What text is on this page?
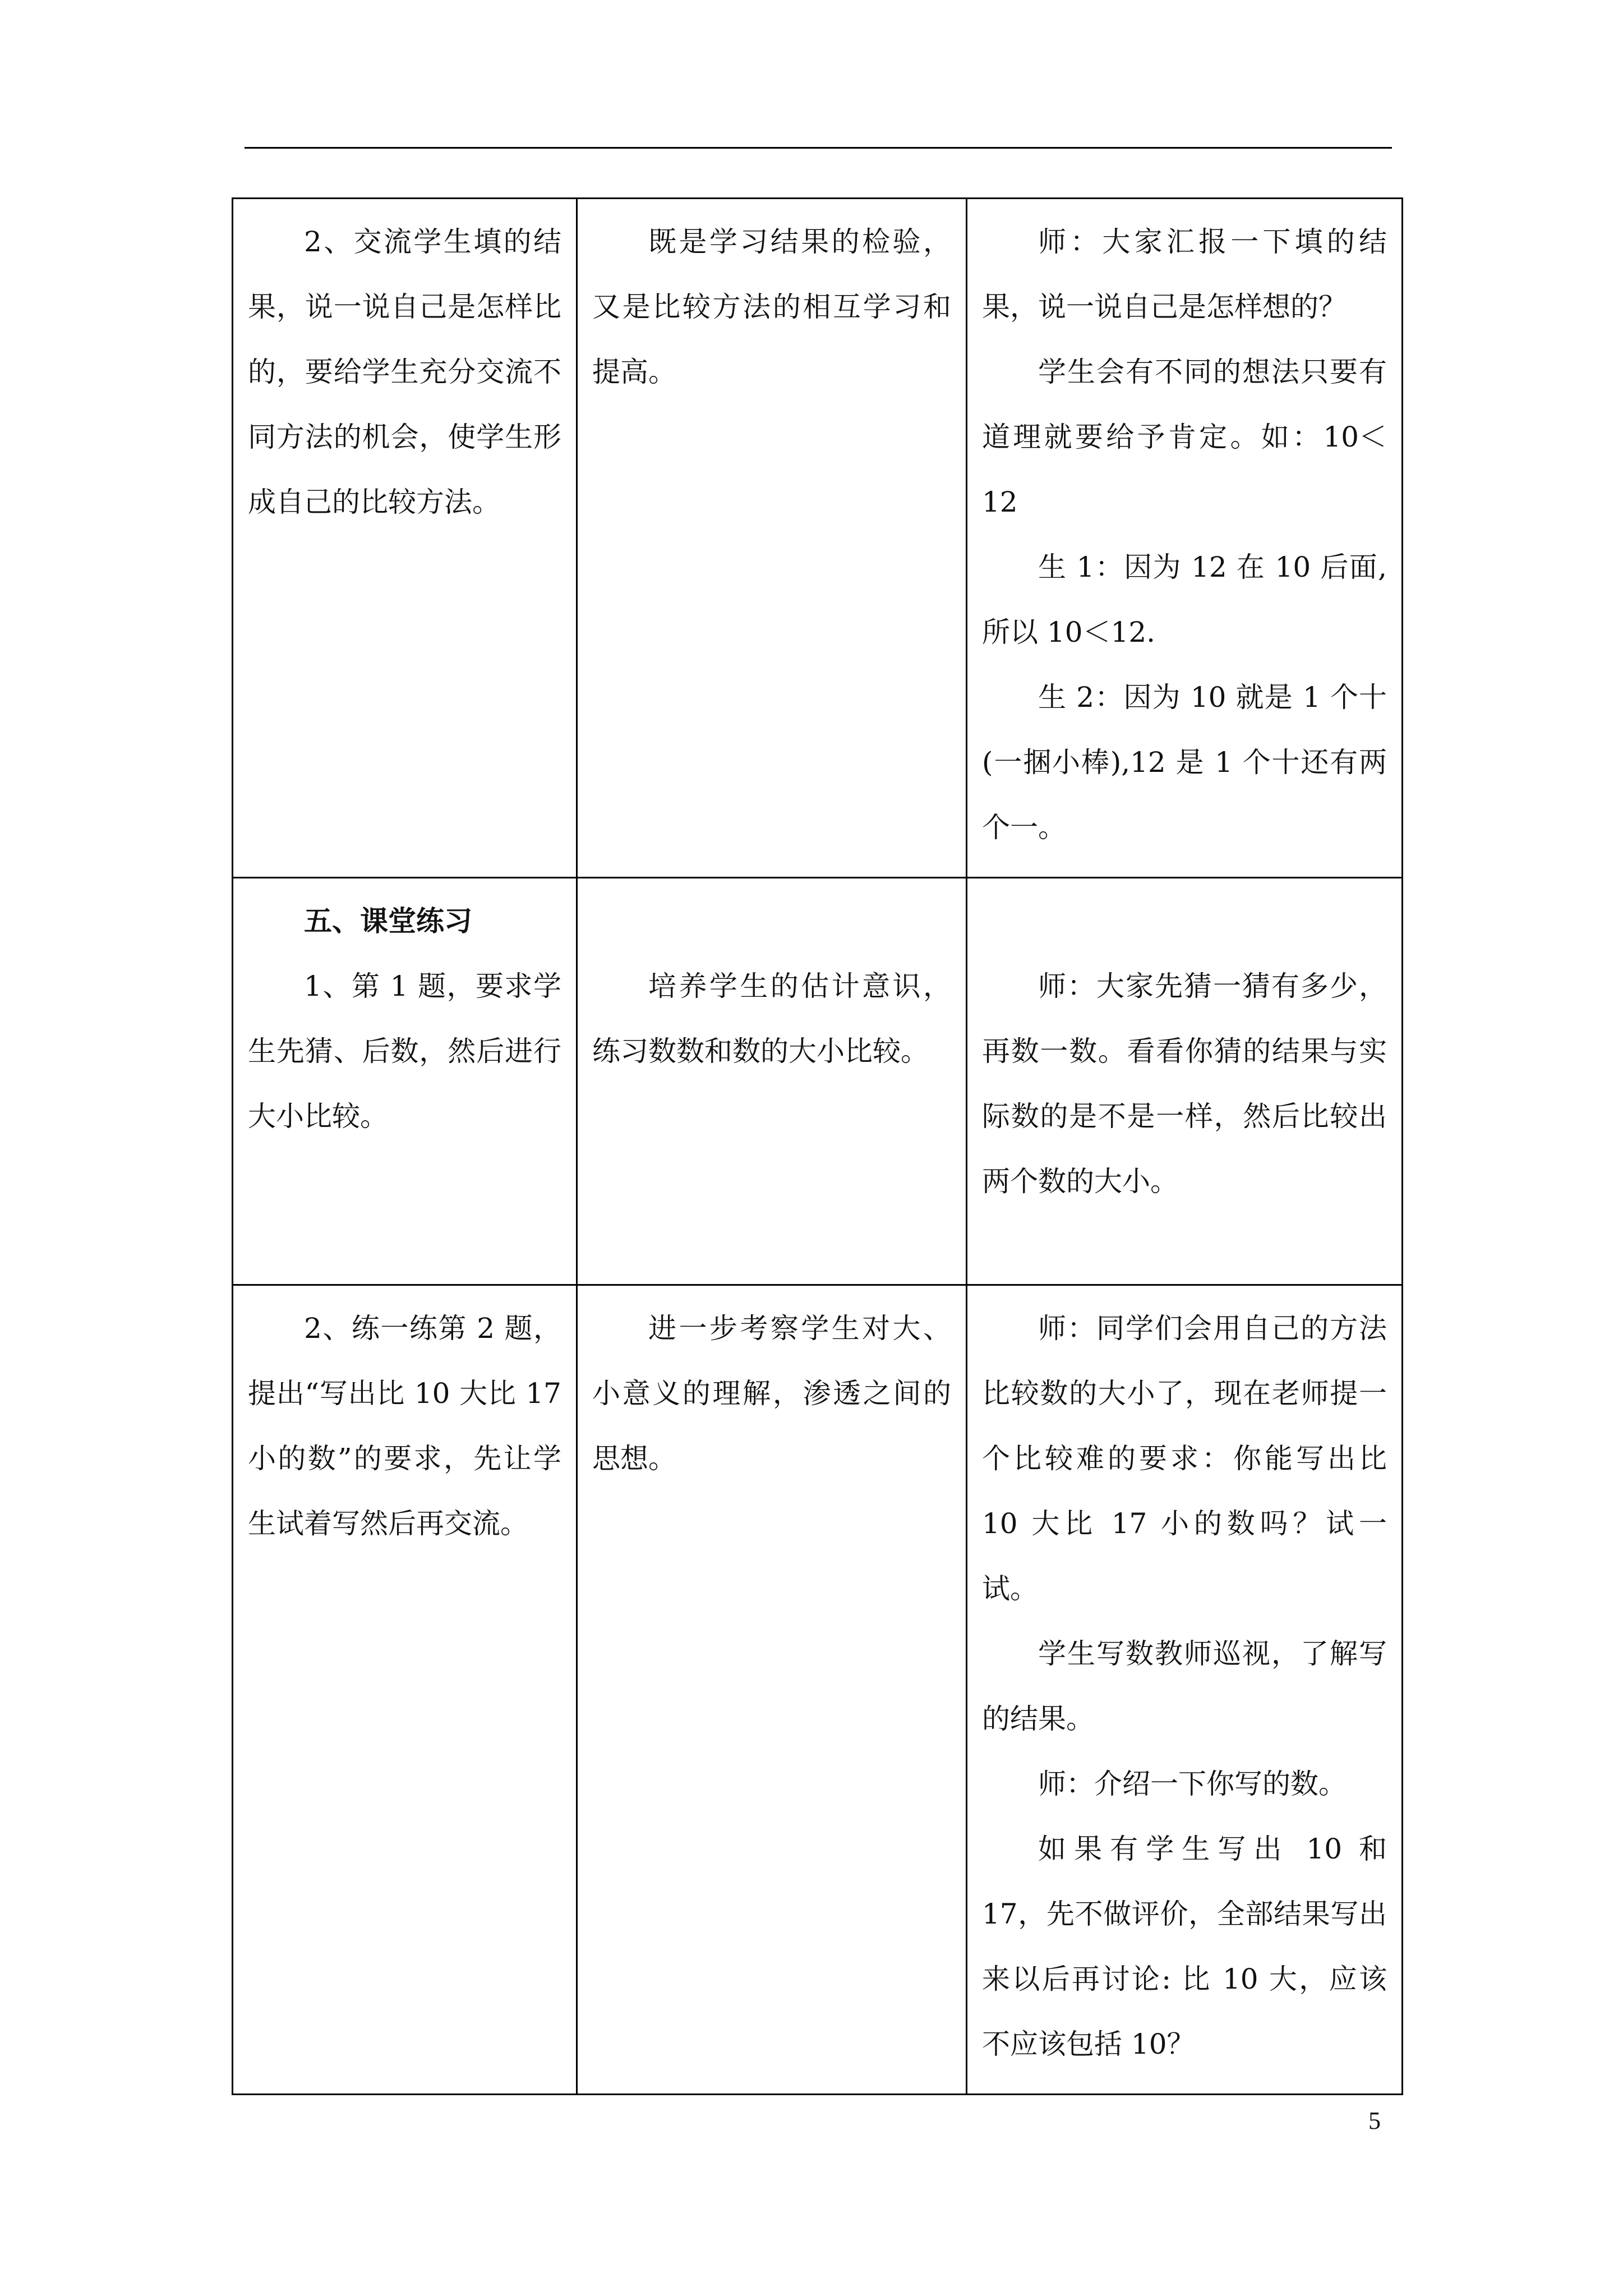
2、交流学生填的结果，说一说自己是怎样比的，要给学生充分交流不同方法的机会，使学生形成自己的比较方法。	既是学习结果的检验，又是比较方法的相互学习和提高。	师：大家汇报一下填的结果，说一说自己是怎样想的？
学生会有不同的想法只要有道理就要给予肯定。如：10＜12
生 1：因为 12 在 10 后面,所以 10＜12.
生 2：因为 10 就是 1 个十(一捆小棒),12 是 1 个十还有两个一。

五、课堂练习
1、第 1 题，要求学生先猜、后数，然后进行大小比较。	培养学生的估计意识，练习数数和数的大小比较。	师：大家先猜一猜有多少，再数一数。看看你猜的结果与实际数的是不是一样，然后比较出两个数的大小。

2、练一练第 2 题，提出“写出比 10 大比 17 小的数”的要求，先让学生试着写然后再交流。	进一步考察学生对大、小意义的理解，渗透之间的思想。	师：同学们会用自己的方法比较数的大小了，现在老师提一个比较难的要求：你能写出比 10 大比 17 小的数吗？试一试。
学生写数教师巡视，了解写的结果。
师：介绍一下你写的数。
如果有学生写出 10 和 17，先不做评价，全部结果写出来以后再讨论: 比 10 大，应该不应该包括 10？
5
